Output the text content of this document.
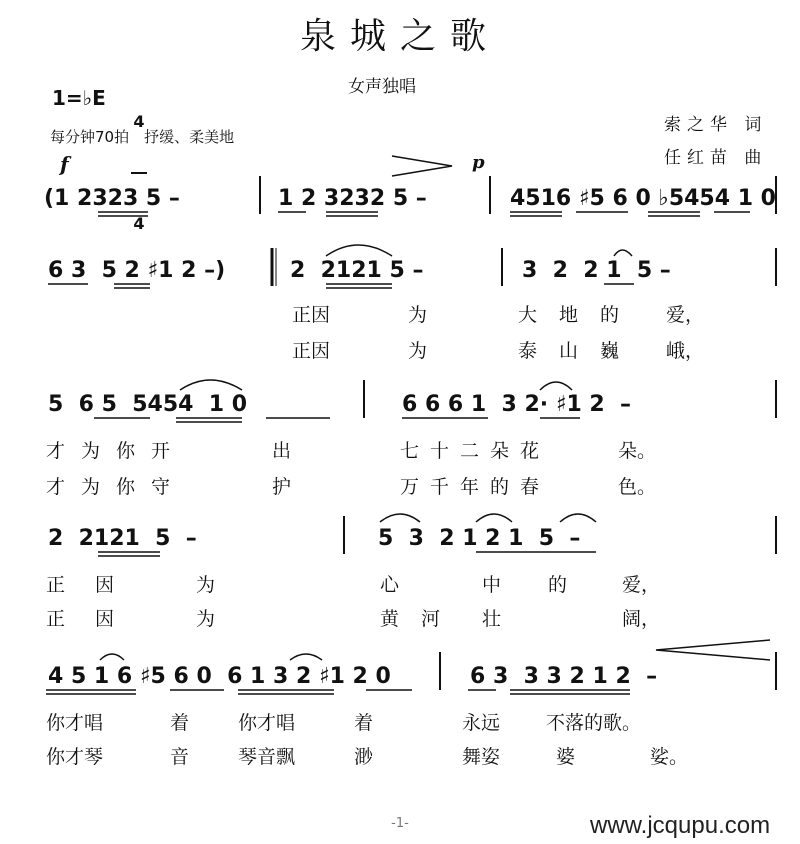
泉城之歌
女声独唱
1=♭E

4

4

每分钟70拍　抒缓、柔美地
索之华 词
任红苗 曲
f	p
(1 2323 5 –	1 2 3232 5 –	4516 ♯5 6 0 ♭5454 1 0
6 3  5 2 ♯1 2 –)	2  2121 5 –	3  2  2 1  5 –
正因	为	大地的 爱，
正因	为	泰山巍 峨，
5  6 5  5454  1 0	6 6 6 1  3 2· ♯1 2  –
才为你开	出	七十二朵花	朵。
才为你守	护	万千年的春	色。
2  2121  5  –	5  3  2 1 2 1  5  –
正因	为	心	中 的	爱，
正因	为	黄河 壮	阔，
4 5 1 6 ♯5 6 0  6 1 3 2 ♯1 2 0	6 3  3 3 2 1 2  –
你才唱	着	你才唱	着	永远 不落的歌。
你才琴	音	琴音飘	渺	舞姿	婆	娑。
-1-	www.jcqupu.com
